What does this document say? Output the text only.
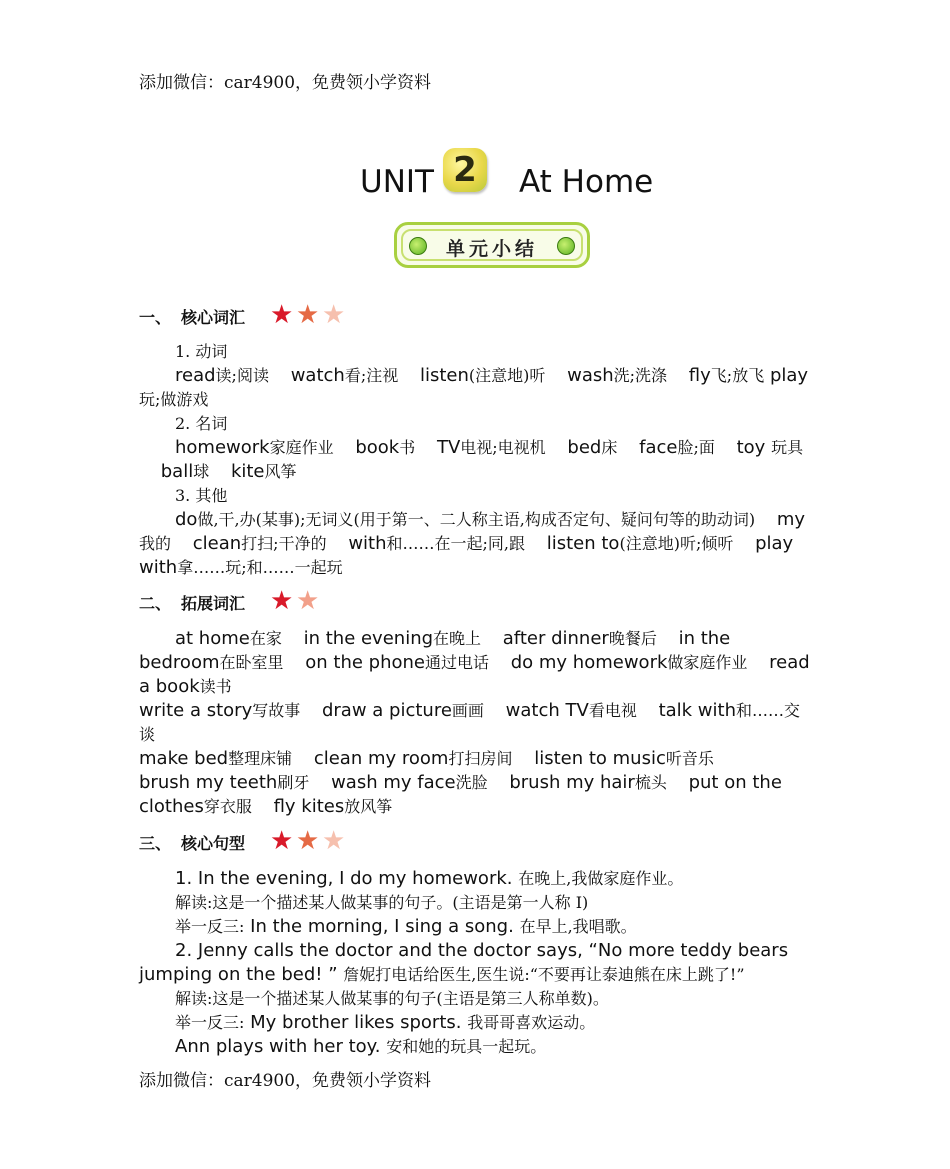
添加微信：car4900，免费领小学资料
UNIT	At Home
2
单元小结
一、 核心词汇 ★ ★ ★

1. 动词

read读;阅读 watch看;注视 listen(注意地)听 wash洗;洗涤 fly飞;放飞 play玩;做游戏

2. 名词

homework家庭作业 book书 TV电视;电视机 bed床 face脸;面 toy 玩具 ball球 kite风筝

3. 其他

do做,干,办(某事);无词义(用于第一、二人称主语,构成否定句、疑问句等的助动词) my我的 clean打扫;干净的 with和……在一起;同,跟 listen to(注意地)听;倾听 play with拿……玩;和……一起玩

二、 拓展词汇 ★ ★

at home在家 in the evening在晚上 after dinner晚餐后 in the bedroom在卧室里 on the phone通过电话 do my homework做家庭作业 read a book读书

write a story写故事 draw a picture画画 watch TV看电视 talk with和……交谈

make bed整理床铺 clean my room打扫房间 listen to music听音乐

brush my teeth刷牙 wash my face洗脸 brush my hair梳头 put on the clothes穿衣服 fly kites放风筝

三、 核心句型 ★ ★ ★

1. In the evening, I do my homework. 在晚上,我做家庭作业。

解读:这是一个描述某人做某事的句子。(主语是第一人称 I)

举一反三: In the morning, I sing a song. 在早上,我唱歌。

2. Jenny calls the doctor and the doctor says, “No more teddy bears jumping on the bed! ” 詹妮打电话给医生,医生说:“不要再让泰迪熊在床上跳了!”

解读:这是一个描述某人做某事的句子(主语是第三人称单数)。

举一反三: My brother likes sports. 我哥哥喜欢运动。

Ann plays with her toy. 安和她的玩具一起玩。

添加微信：car4900，免费领小学资料
